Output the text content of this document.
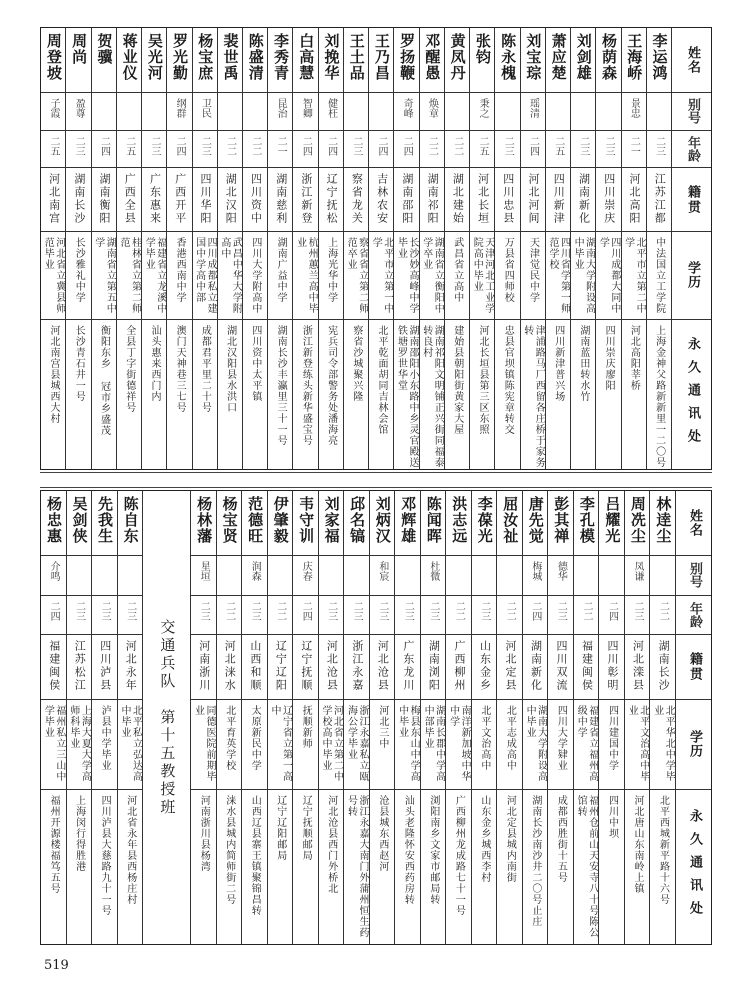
姓名
别号
年龄
籍贯
学历
永久通讯处
李运鸿
二三
江苏江都
中法国立工学院
上海金神父路新新里一二〇号
王海峤
景忠
二一
河北高阳
北平市立第二中学
河北高阳莘桥
杨荫森
二三
四川崇庆
四川成都大同中学
四川崇庆廖阳
刘剑雄
二三
湖南新化
湖南大学附设高中毕业
湖南蓝田转水竹
萧应楚
二五
四川新津
四川省学第一师范学校
四川新津普兴场
刘宝琮
瑶清
二四
河北河间
天津觉民中学
津浦路马厂西留各庄桥于家务转
陈永槐
二三
四川忠县
万县省四师校
忠县官坝镇陈宪章转交
张钧
秉之
二五
河北长垣
天津河北工业学院高中毕业
河北长垣县第三区东照
黄凤丹
二二
湖北建始
武昌省立高中
建始县朝阳街黄家大屋
邓醒愚
焕章
二二
湖南祁阳
湖南省立衡阳中学卒业
湖南祁阳文明铺正兴街同福泰转良村
罗扬鞭
奇峰
二四
湖南邵阳
长沙妙高峰中学毕业
湖南邵阳小东路中乡灵官殿送铁塘罗世华堂
王乃昌
二四
吉林农安
北平市立第一中学
北平乾面胡同吉林会馆
王土品
二三
察省龙关
察省省立第二师范卒业
察省沙城聚兴隆
刘挽华
健枉
二四
辽宁抚松
上海光华中学
宪兵司令部警务处潘海亮
白高慧
智卿
二四
浙江新登
杭州蕙兰高中毕业
浙江新登练头新华盛宝号
李秀青
昆治
二一
湖南慈利
湖南广益中学
湖南长沙丰瀛里三十一号
陈盛清
二二
四川资中
四川大学附高中
四川资中太平镇
裴世禹
二二
湖北汉阳
武昌中华大学附高中
湖北汉阳县水洪口
杨宝庶
卫民
二三
四川华阳
四川成都私立建国中学高中部
成都君平里二十号
罗光勤
纲群
二四
广西开平
香港西南中学
澳门天神巷三七号
吴光河
二三
广东惠来
福建省立龙溪中学毕业
汕头惠来西门内
蒋业仪
二五
广西全县
桂林省立第二师范
全县丁字街德祥号
贺骥
二四
湖南衡阳
湖南省立第五中学
衡阳东乡 冠市乡盛茂
周尚
盈尊
二三
湖南长沙
长沙雅礼中学
长沙青石井一号
周登坡
子霞
二五
河北南宫
河北省立冀县师范毕业
河北南宫县城西大村
姓名
别号
年龄
籍贯
学历
永久通讯处
林逹尘
二二
湖南长沙
北平华北中学毕业
北平西城新平路十六号
周冼尘
凤谦
二三
河北滦县
北平文治高中毕业
河北唐山东南岭上镇
吕耀光
二四
四川彰明
四川建国中学
四川中坝
李孔模
二二
福建闽侯
福建省立福州高级中学
福州仓前山天安寺八十号陈公馆转
彭其禅
德华
二三
四川双流
四川大学肄业
成都西胜街十五号
唐先觉
梅城
二四
湖南新化
湖南大学附设高中毕业
湖南长沙南沙井二〇号止庄
屈汝祉
二二
河北定县
北平志成高中
河北定县城内南街
李葆光
二三
山东金乡
北平文治高中
山东金乡城西李村
洪志远
二二
广西柳州
南洋新加坡中华中学
广西柳州龙成路七十一号
陈闻晖
杜微
二三
湖南浏阳
湖南长郡中学高中部毕业
浏阳南乡文家市邮局转
邓辉雄
二三
广东龙川
梅县东山中学高中毕业
汕头老隆怀安西药房转
刘炳汉
和宸
二三
河北沧县
河北三中
沧县城东西赵河
邱名镐
二三
浙江永嘉
浙江永嘉私立瓯海公学毕业
浙江永嘉大南门外蒲州恒生药号转
刘家福
二三
河北沧县
河北省立第二中学校高中毕业
河北沧县西门外桥北
韦守训
庆春
二四
辽宁抚顺
抚顺新师
辽宁抚顺邮局
伊肇毅
二二
辽宁辽阳
辽宁省立第一高中
辽宁辽阳邮局
范德旺
润森
二三
山西和顺
太原新民中学
山西辽县寨王镇聚锦昌转
杨宝贤
二二
河北涞水
北平育英学校
涞水县城内简师街二号
杨林藩
星垣
二三
河南浙川
同德医院前期毕业
河南浙川县杨湾
交通兵队　第十五教授班
陈自东
二三
河北永年
北平私立弘达高中毕业
河北省永年县西杨庄村
先我生
二三
四川泸县
泸县中学毕业
四川泸县大慈路九十一号
吴剑侠
二三
江苏松江
上海大夏大学高师科毕业
上海闵行得胜港
杨忠惠
介鸣
二四
福建闽侯
福州私立三山中学毕业
福州开源楼福笃五号
519
